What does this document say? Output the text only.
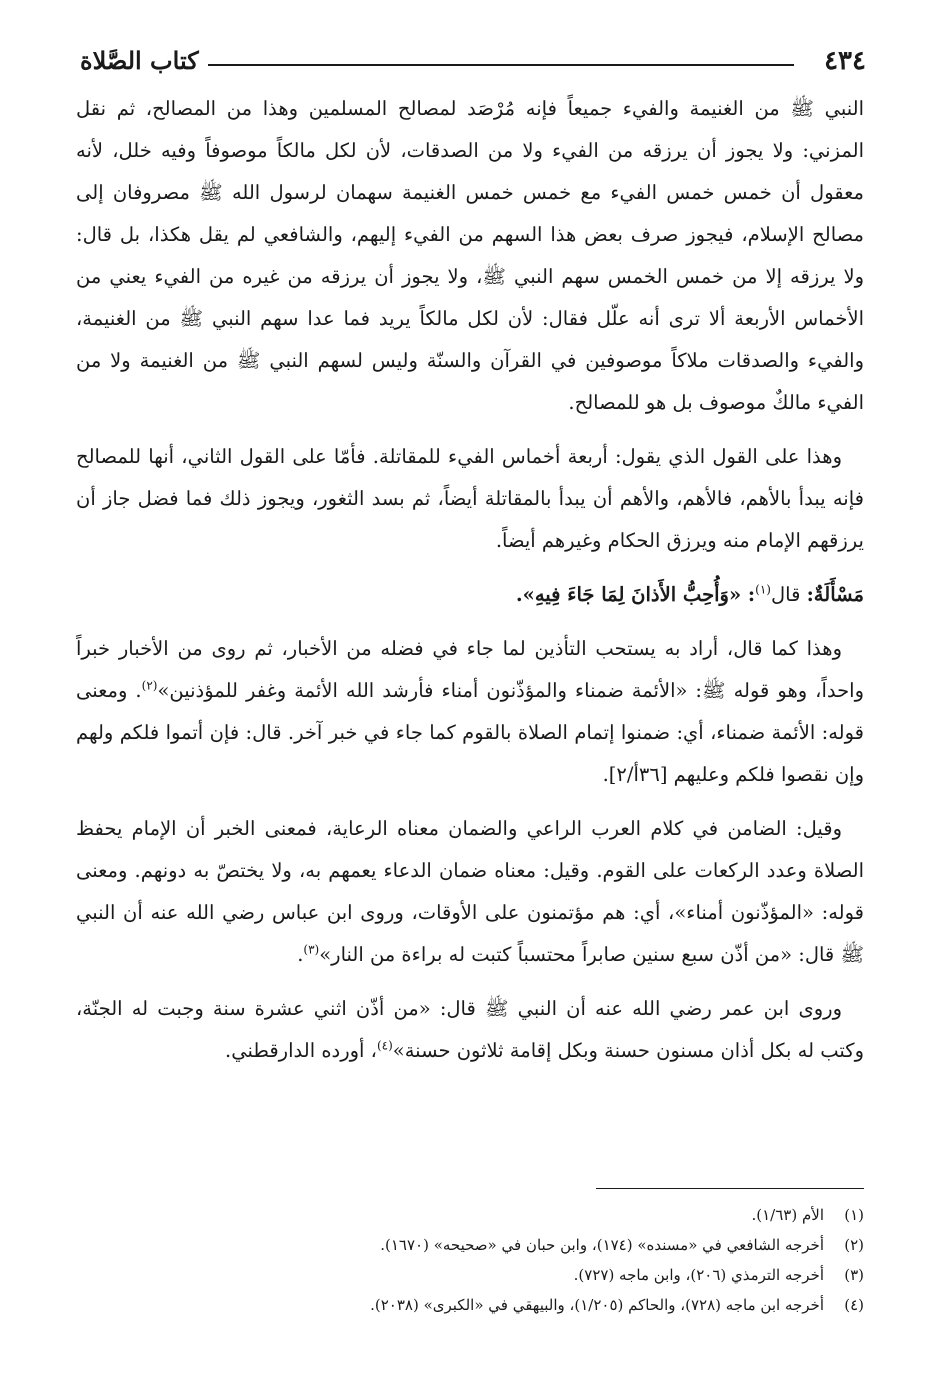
٤٣٤
كتاب الصَّلاة

النبي ﷺ من الغنيمة والفيء جميعاً فإنه مُرْصَد لمصالح المسلمين وهذا من المصالح، ثم نقل المزني: ولا يجوز أن يرزقه من الفيء ولا من الصدقات، لأن لكل مالكاً موصوفاً وفيه خلل، لأنه معقول أن خمس خمس الفيء مع خمس خمس الغنيمة سهمان لرسول الله ﷺ مصروفان إلى مصالح الإسلام، فيجوز صرف بعض هذا السهم من الفيء إليهم، والشافعي لم يقل هكذا، بل قال: ولا يرزقه إلا من خمس الخمس سهم النبي ﷺ، ولا يجوز أن يرزقه من غيره من الفيء يعني من الأخماس الأربعة ألا ترى أنه علّل فقال: لأن لكل مالكاً يريد فما عدا سهم النبي ﷺ من الغنيمة، والفيء والصدقات ملاكاً موصوفين في القرآن والسنّة وليس لسهم النبي ﷺ من الغنيمة ولا من الفيء مالكٌ موصوف بل هو للمصالح.

وهذا على القول الذي يقول: أربعة أخماس الفيء للمقاتلة. فأمّا على القول الثاني، أنها للمصالح فإنه يبدأ بالأهم، فالأهم، والأهم أن يبدأ بالمقاتلة أيضاً، ثم بسد الثغور، ويجوز ذلك فما فضل جاز أن يرزقهم الإمام منه ويرزق الحكام وغيرهم أيضاً.

مَسْأَلَةٌ: قال$^{(١)}$: «وَأُحِبُّ الأَذانَ لِمَا جَاءَ فِيهِ».

وهذا كما قال، أراد به يستحب التأذين لما جاء في فضله من الأخبار، ثم روى من الأخبار خبراً واحداً، وهو قوله ﷺ: «الأئمة ضمناء والمؤذّنون أمناء فأرشد الله الأئمة وغفر للمؤذنين»$^{(٢)}$. ومعنى قوله: الأئمة ضمناء، أي: ضمنوا إتمام الصلاة بالقوم كما جاء في خبر آخر. قال: فإن أتموا فلكم ولهم وإن نقصوا فلكم وعليهم [٣٦أ/٢].

وقيل: الضامن في كلام العرب الراعي والضمان معناه الرعاية، فمعنى الخبر أن الإمام يحفظ الصلاة وعدد الركعات على القوم. وقيل: معناه ضمان الدعاء يعمهم به، ولا يختصّ به دونهم. ومعنى قوله: «المؤذّنون أمناء»، أي: هم مؤتمنون على الأوقات، وروى ابن عباس رضي الله عنه أن النبي ﷺ قال: «من أذّن سبع سنين صابراً محتسباً كتبت له براءة من النار»$^{(٣)}$.

وروى ابن عمر رضي الله عنه أن النبي ﷺ قال: «من أذّن اثني عشرة سنة وجبت له الجنّة، وكتب له بكل أذان مسنون حسنة وبكل إقامة ثلاثون حسنة»$^{(٤)}$، أورده الدارقطني.

(١)
الأم (١/٦٣).
(٢)
أخرجه الشافعي في «مسنده» (١٧٤)، وابن حبان في «صحيحه» (١٦٧٠).
(٣)
أخرجه الترمذي (٢٠٦)، وابن ماجه (٧٢٧).
(٤)
أخرجه ابن ماجه (٧٢٨)، والحاكم (١/٢٠٥)، والبيهقي في «الكبرى» (٢٠٣٨).
